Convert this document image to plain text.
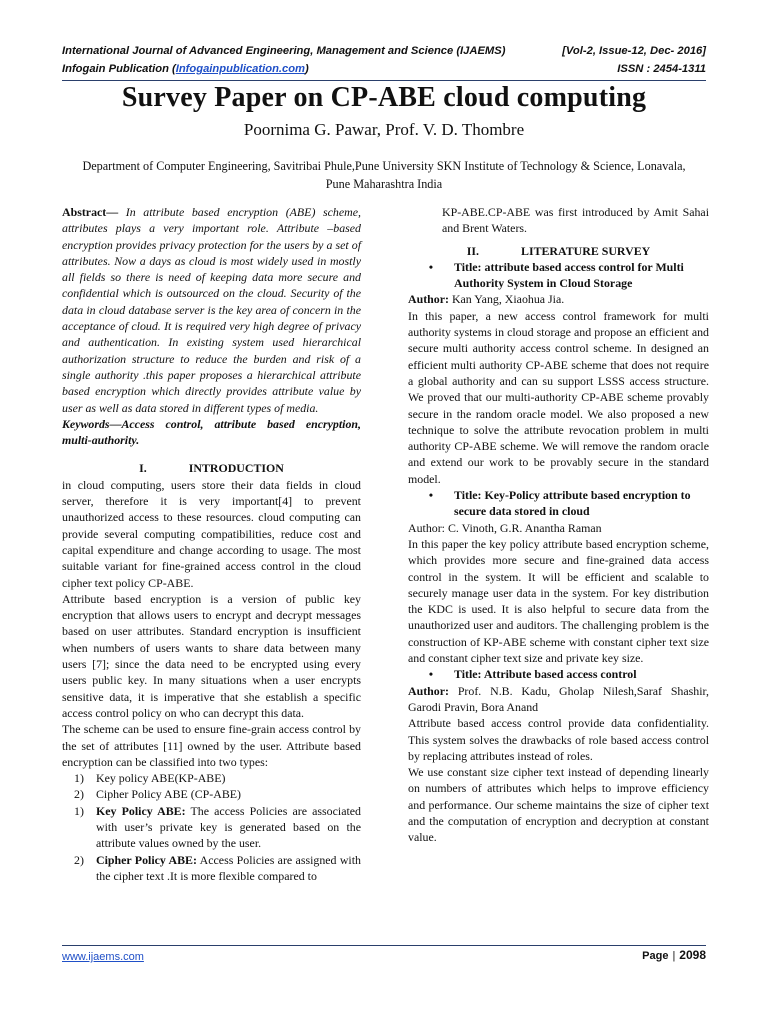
International Journal of Advanced Engineering, Management and Science (IJAEMS)	[Vol-2, Issue-12, Dec- 2016]
Infogain Publication (Infogainpublication.com)	ISSN : 2454-1311
Survey Paper on CP-ABE cloud computing
Poornima G. Pawar, Prof. V. D. Thombre
Department of Computer Engineering, Savitribai Phule,Pune University SKN Institute of Technology & Science, Lonavala,
Pune Maharashtra India

Abstract— In attribute based encryption (ABE) scheme, attributes plays a very important role. Attribute –based encryption provides privacy protection for the users by a set of attributes. Now a days as cloud is most widely used in mostly all fields so there is need of keeping data more secure and confidential which is outsourced on the cloud. Security of the data in cloud database server is the key area of concern in the acceptance of cloud. It is required very high degree of privacy and authentication. In existing system used hierarchical authorization structure to reduce the burden and risk of a single authority .this paper proposes a hierarchical attribute based encryption which directly provides attribute value by user as well as data stored in different types of media.

Keywords—Access control, attribute based encryption, multi-authority.

I.	INTRODUCTION

in cloud computing, users store their data fields in cloud server, therefore it is very important[4] to prevent unauthorized access to these resources. cloud computing can provide several computing compatibilities, reduce cost and capital expenditure and change according to usage. The most suitable variant for fine-grained access control in the cloud cipher text policy CP-ABE.

Attribute based encryption is a version of public key encryption that allows users to encrypt and decrypt messages based on user attributes. Standard encryption is insufficient when numbers of users wants to share data between many users [7]; since the data need to be encrypted using every users public key. In many situations when a user encrypts sensitive data, it is imperative that she establish a specific access control policy on who can decrypt this data.

The scheme can be used to ensure fine-grain access control by the set of attributes [11] owned by the user. Attribute based encryption can be classified into two types:

1)	Key policy ABE(KP-ABE)
2)	Cipher Policy ABE (CP-ABE)
1)	Key Policy ABE: The access Policies are associated with user’s private key is generated based on the attribute values owned by the user.
2)	Cipher Policy ABE: Access Policies are assigned with the cipher text .It is more flexible compared to

KP-ABE.CP-ABE was first introduced by Amit Sahai and Brent Waters.

II.	LITERATURE SURVEY

•	Title: attribute based access control for Multi Authority System in Cloud Storage

Author: Kan Yang, Xiaohua Jia.

In this paper, a new access control framework for multi authority systems in cloud storage and propose an efficient and secure multi authority access control scheme. In designed an efficient multi authority CP-ABE scheme that does not require a global authority and can su support LSSS access structure. We proved that our multi-authority CP-ABE scheme provably secure in the random oracle model. We also proposed a new technique to solve the attribute revocation problem in multi authority CP-ABE scheme. We will remove the random oracle and extend our work to be provably secure in the standard model.

•	Title: Key-Policy attribute based encryption to secure data stored in cloud

Author: C. Vinoth, G.R. Anantha Raman

In this paper the key policy attribute based encryption scheme, which provides more secure and fine-grained data access control in the system. It will be efficient and scalable to securely manage user data in the system. For key distribution the KDC is used. It is also helpful to secure data from the unauthorized user and auditors. The challenging problem is the construction of KP-ABE scheme with constant cipher text size and constant cipher text size and private key size.

•	Title: Attribute based access control

Author: Prof. N.B. Kadu, Gholap Nilesh,Saraf Shashir, Garodi Pravin, Bora Anand

Attribute based access control provide data confidentiality. This system solves the drawbacks of role based access control by replacing attributes instead of roles.

We use constant size cipher text instead of depending linearly on numbers of attributes which helps to improve efficiency and performance. Our scheme maintains the size of cipher text and the computation of encryption and decryption at constant value.

www.ijaems.com	Page | 2098
